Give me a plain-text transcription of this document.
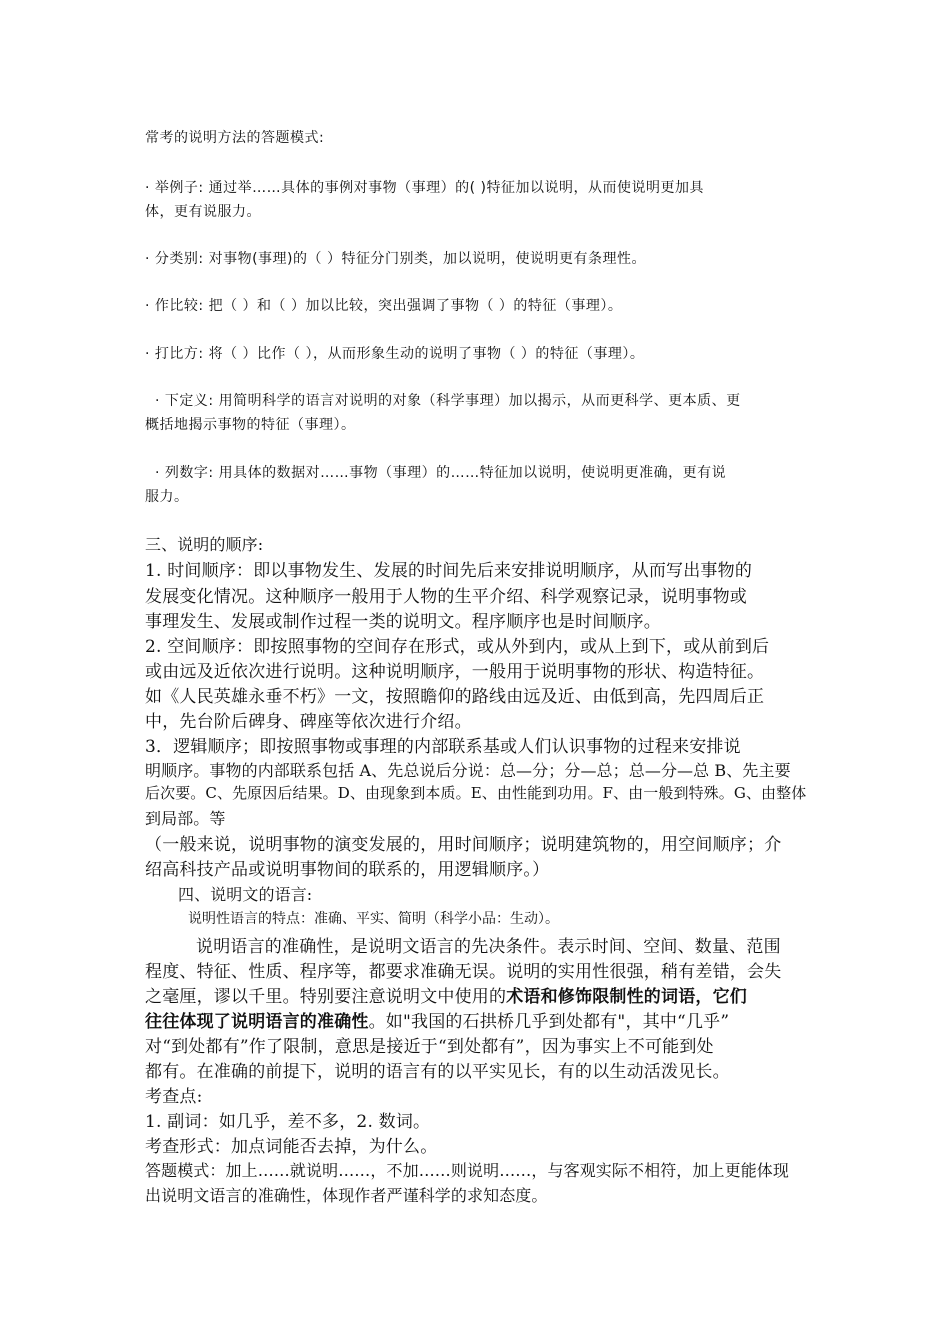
常考的说明方法的答题模式:
· 举例子: 通过举……具体的事例对事物（事理）的( )特征加以说明，从而使说明更加具
体，更有说服力。
· 分类别: 对事物(事理)的（ ）特征分门别类，加以说明，使说明更有条理性。
· 作比较: 把（ ）和（ ）加以比较，突出强调了事物（ ）的特征（事理）。
· 打比方: 将（ ）比作（ ），从而形象生动的说明了事物（ ）的特征（事理）。
· 下定义: 用简明科学的语言对说明的对象（科学事理）加以揭示，从而更科学、更本质、更
概括地揭示事物的特征（事理）。
· 列数字: 用具体的数据对……事物（事理）的……特征加以说明，使说明更准确，更有说
服力。
三、说明的顺序:
1. 时间顺序：即以事物发生、发展的时间先后来安排说明顺序，从而写出事物的
发展变化情况。这种顺序一般用于人物的生平介绍、科学观察记录，说明事物或
事理发生、发展或制作过程一类的说明文。程序顺序也是时间顺序。
2. 空间顺序：即按照事物的空间存在形式，或从外到内，或从上到下，或从前到后
或由远及近依次进行说明。这种说明顺序，一般用于说明事物的形状、构造特征。
如《人民英雄永垂不朽》一文，按照瞻仰的路线由远及近、由低到高，先四周后正
中，先台阶后碑身、碑座等依次进行介绍。
3．逻辑顺序；即按照事物或事理的内部联系基或人们认识事物的过程来安排说
明顺序。事物的内部联系包括 A、先总说后分说：总—分；分—总；总—分—总 B、先主要
后次要。C、先原因后结果。D、由现象到本质。E、由性能到功用。F、由一般到特殊。G、由整体
到局部。等
（一般来说，说明事物的演变发展的，用时间顺序；说明建筑物的，用空间顺序；介
绍高科技产品或说明事物间的联系的，用逻辑顺序。）
四、说明文的语言:
说明性语言的特点：准确、平实、简明（科学小品：生动）。
说明语言的准确性，是说明文语言的先决条件。表示时间、空间、数量、范围
程度、特征、性质、程序等，都要求准确无误。说明的实用性很强，稍有差错，会失
之毫厘，谬以千里。特别要注意说明文中使用的术语和修饰限制性的词语，它们
往往体现了说明语言的准确性。如"我国的石拱桥几乎到处都有"，其中“几乎”
对“到处都有”作了限制，意思是接近于“到处都有”，因为事实上不可能到处
都有。在准确的前提下，说明的语言有的以平实见长，有的以生动活泼见长。
考查点:
1. 副词：如几乎，差不多，2. 数词。
考查形式：加点词能否去掉，为什么。
答题模式：加上……就说明……，不加……则说明……，与客观实际不相符，加上更能体现
出说明文语言的准确性，体现作者严谨科学的求知态度。
